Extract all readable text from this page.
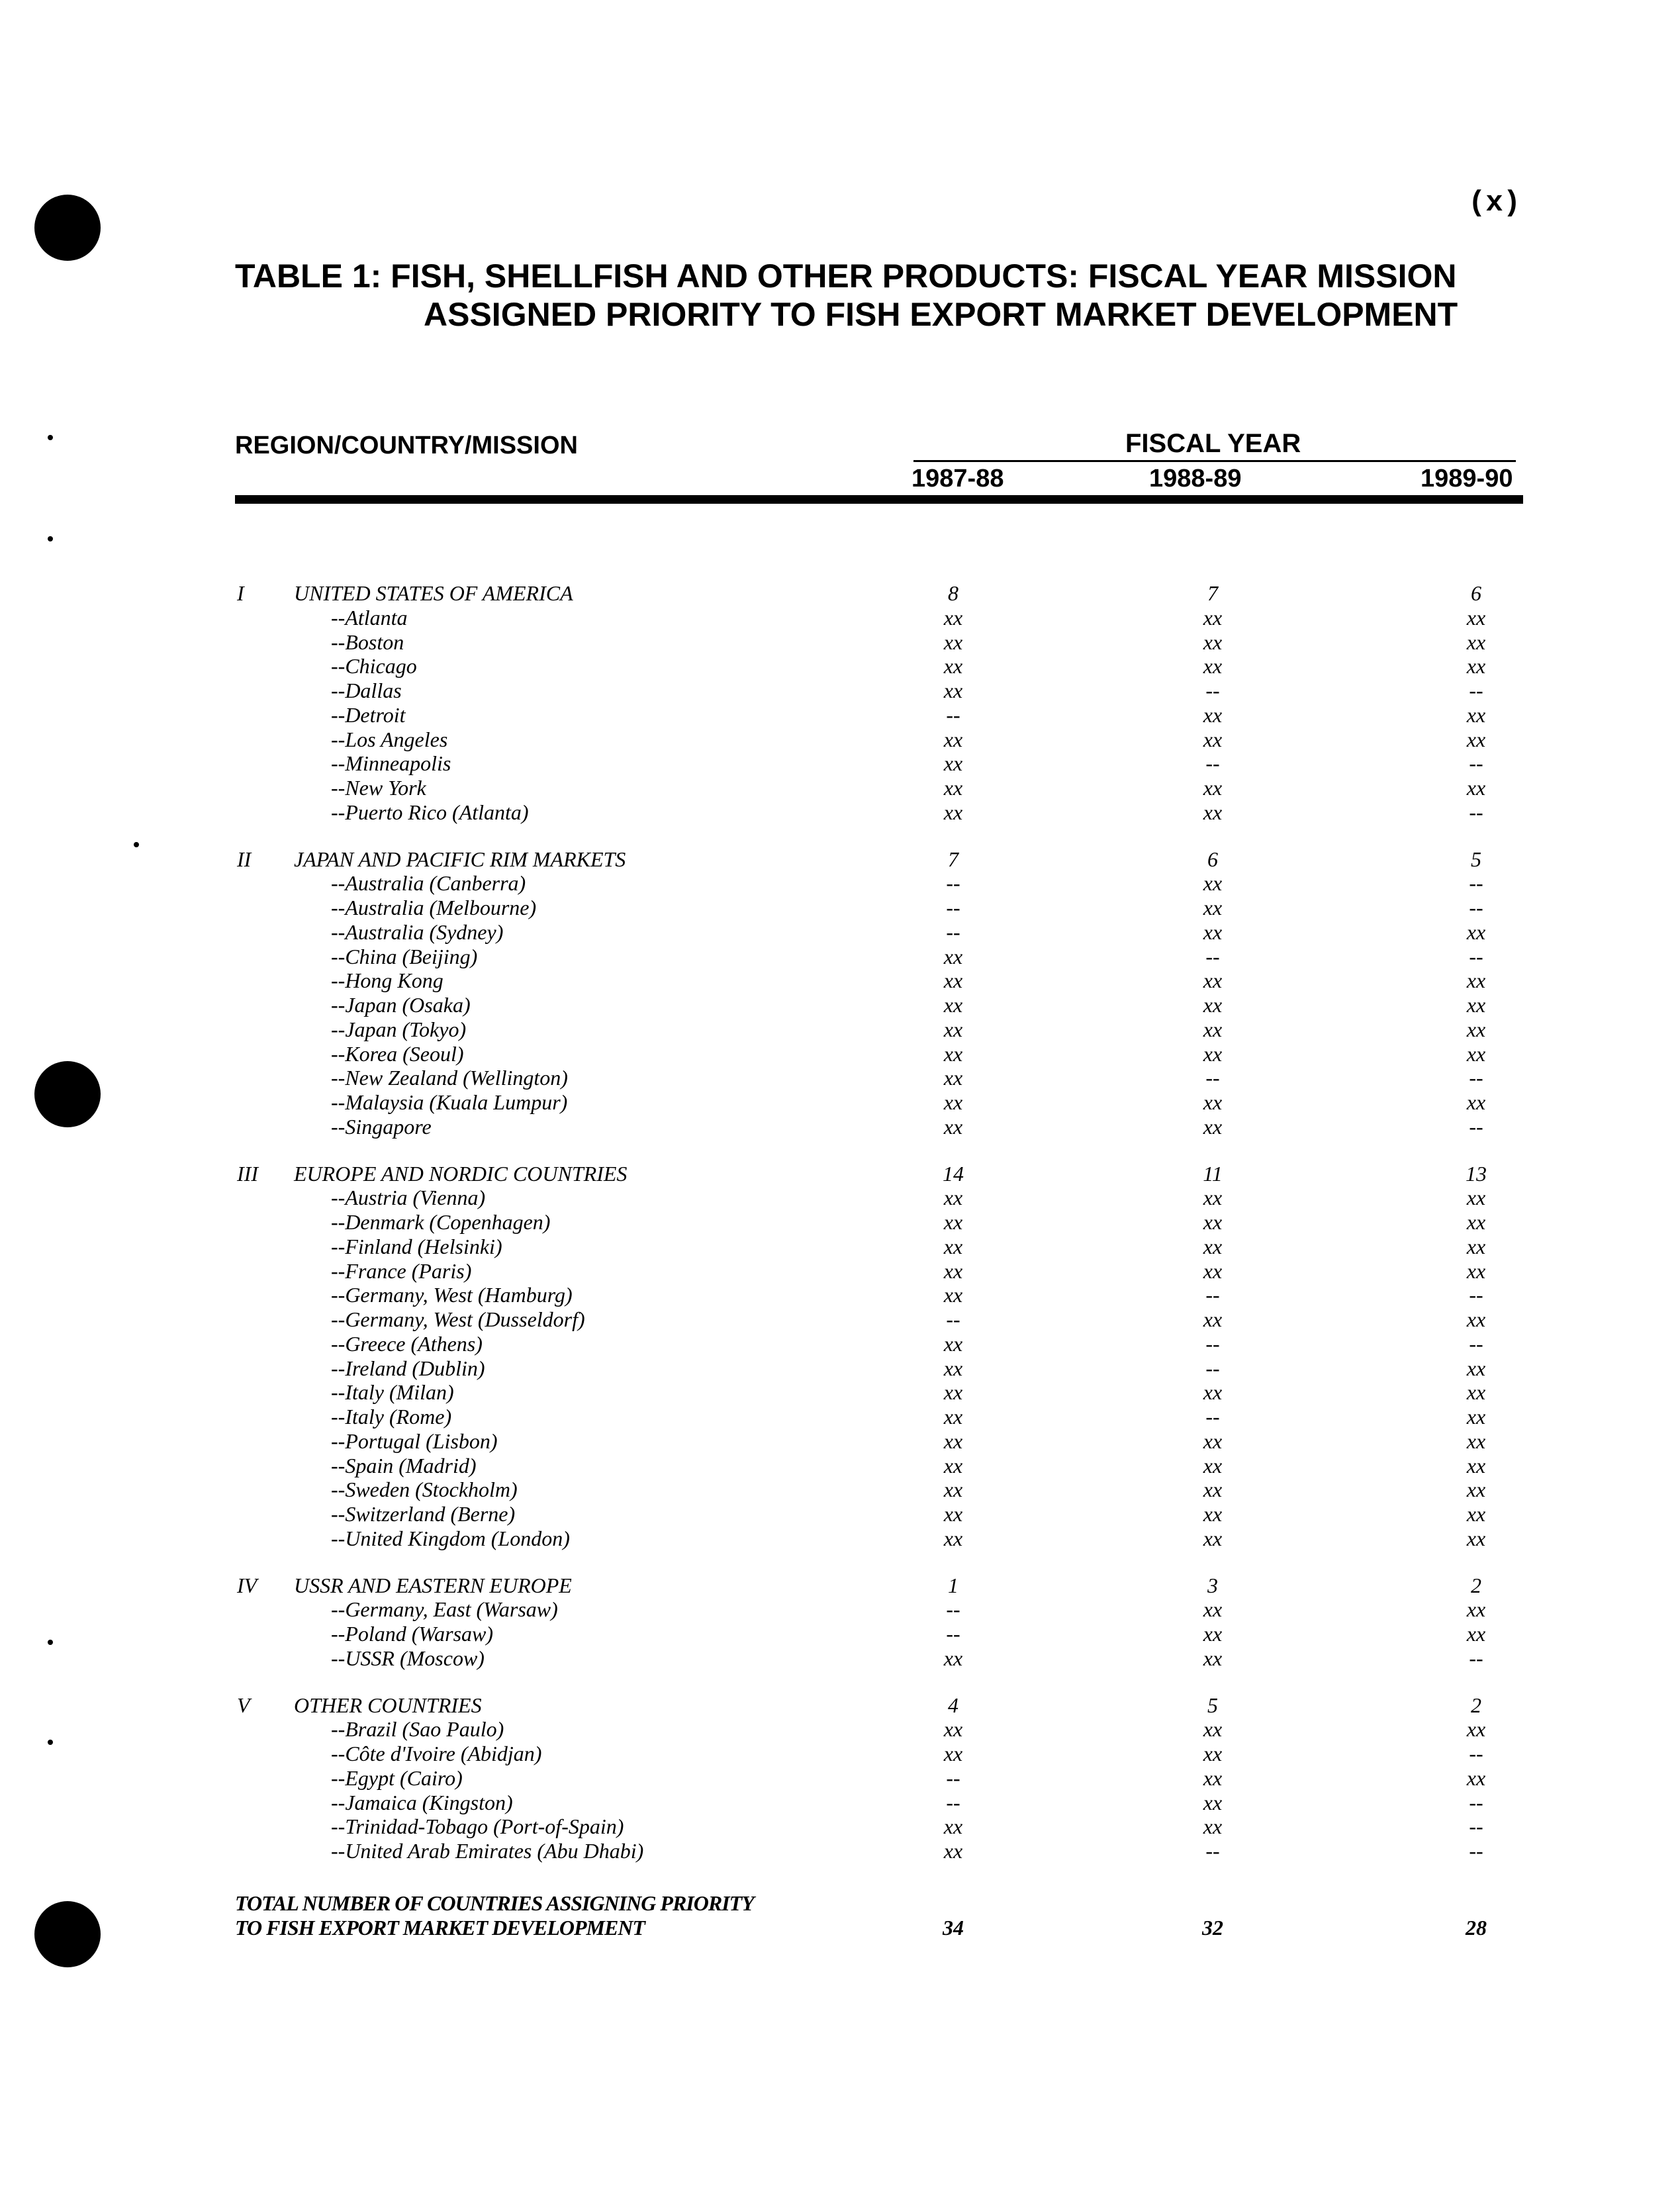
(x)
TABLE 1: FISH, SHELLFISH AND OTHER PRODUCTS: FISCAL YEAR MISSION
ASSIGNED PRIORITY TO FISH EXPORT MARKET DEVELOPMENT
REGION/COUNTRY/MISSION	FISCAL YEAR
1987-88	1988-89	1989-90
I UNITED STATES OF AMERICA	8	7	6
--Atlanta	xx	xx	xx
--Boston	xx	xx	xx
--Chicago	xx	xx	xx
--Dallas	xx	--	--
--Detroit	--	xx	xx
--Los Angeles	xx	xx	xx
--Minneapolis	xx	--	--
--New York	xx	xx	xx
--Puerto Rico (Atlanta)	xx	xx	--
II JAPAN AND PACIFIC RIM MARKETS	7	6	5
--Australia (Canberra)	--	xx	--
--Australia (Melbourne)	--	xx	--
--Australia (Sydney)	--	xx	xx
--China (Beijing)	xx	--	--
--Hong Kong	xx	xx	xx
--Japan (Osaka)	xx	xx	xx
--Japan (Tokyo)	xx	xx	xx
--Korea (Seoul)	xx	xx	xx
--New Zealand (Wellington)	xx	--	--
--Malaysia (Kuala Lumpur)	xx	xx	xx
--Singapore	xx	xx	--
III EUROPE AND NORDIC COUNTRIES	14	11	13
--Austria (Vienna)	xx	xx	xx
--Denmark (Copenhagen)	xx	xx	xx
--Finland (Helsinki)	xx	xx	xx
--France (Paris)	xx	xx	xx
--Germany, West (Hamburg)	xx	--	--
--Germany, West (Dusseldorf)	--	xx	xx
--Greece (Athens)	xx	--	--
--Ireland (Dublin)	xx	--	xx
--Italy (Milan)	xx	xx	xx
--Italy (Rome)	xx	--	xx
--Portugal (Lisbon)	xx	xx	xx
--Spain (Madrid)	xx	xx	xx
--Sweden (Stockholm)	xx	xx	xx
--Switzerland (Berne)	xx	xx	xx
--United Kingdom (London)	xx	xx	xx
IV USSR AND EASTERN EUROPE	1	3	2
--Germany, East (Warsaw)	--	xx	xx
--Poland (Warsaw)	--	xx	xx
--USSR (Moscow)	xx	xx	--
V OTHER COUNTRIES	4	5	2
--Brazil (Sao Paulo)	xx	xx	xx
--Côte d'Ivoire (Abidjan)	xx	xx	--
--Egypt (Cairo)	--	xx	xx
--Jamaica (Kingston)	--	xx	--
--Trinidad-Tobago (Port-of-Spain)	xx	xx	--
--United Arab Emirates (Abu Dhabi)	xx	--	--
TOTAL NUMBER OF COUNTRIES ASSIGNING PRIORITY
TO FISH EXPORT MARKET DEVELOPMENT	34	32	28
